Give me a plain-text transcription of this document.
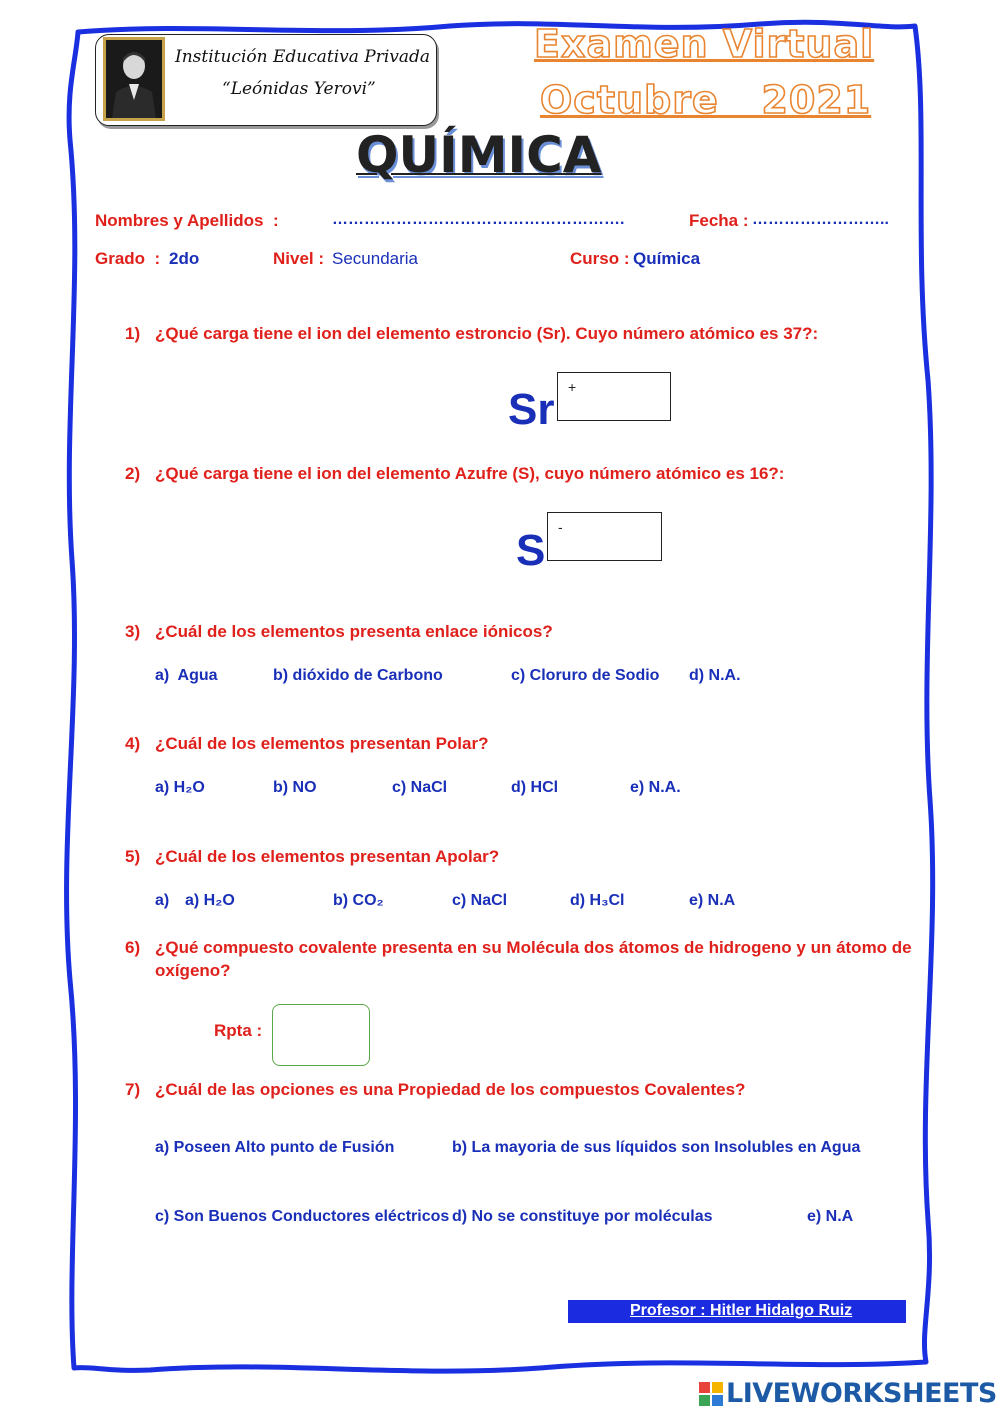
Institución Educativa Privada
“Leónidas Yerovi”
Examen Virtual
Octubre   2021
QUÍMICA
Nombres y Apellidos :	……………………………………………….	Fecha : ……………………..
Grado  : 2do	Nivel : Secundaria	Curso : Química
1) ¿Qué carga tiene el ion del elemento estroncio (Sr). Cuyo número atómico es 37?:
Sr +
2) ¿Qué carga tiene el ion del elemento Azufre (S), cuyo número atómico es 16?:
S -
3) ¿Cuál de los elementos presenta enlace iónicos?
a)  Agua	b) dióxido de Carbono	c) Cloruro de Sodio d) N.A.
4) ¿Cuál de los elementos presentan Polar?
a) H₂O	b) NO	c) NaCl	d) HCl	e) N.A.
5) ¿Cuál de los elementos presentan Apolar?
a) a) H₂O	b) CO₂	c) NaCl	d) H₃Cl	e) N.A
6) ¿Qué compuesto covalente presenta en su Molécula dos átomos de hidrogeno y un átomo de
oxígeno?
Rpta :
7) ¿Cuál de las opciones es una Propiedad de los compuestos Covalentes?
a) Poseen Alto punto de Fusión	b) La mayoria de sus líquidos son Insolubles en Agua
c) Son Buenos Conductores eléctricos d) No se constituye por moléculas	e) N.A
Profesor : Hitler Hidalgo Ruiz
LIVEWORKSHEETS
